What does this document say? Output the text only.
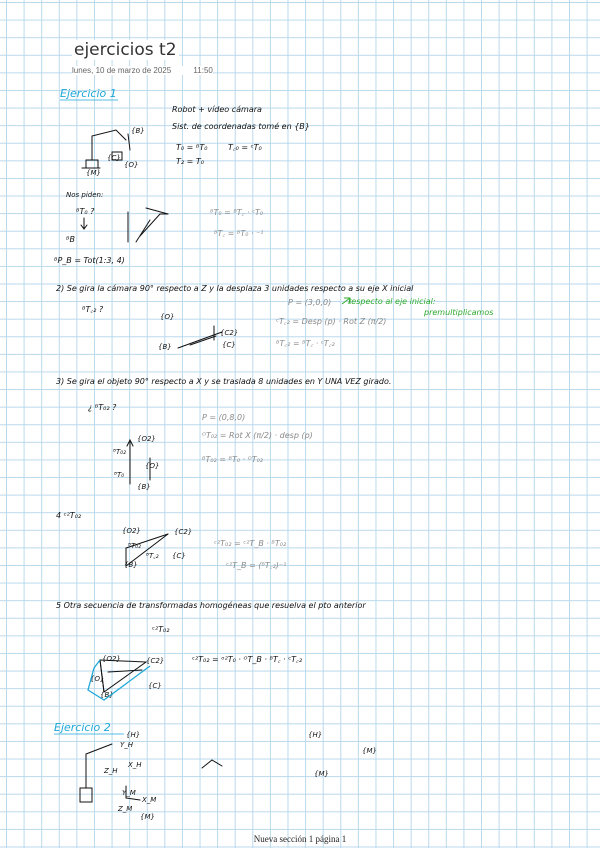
ejercicios t2
lunes, 10 de marzo de 2025	11:50
Ejercicio 1
Robot + vídeo cámara
Sist. de coordenadas tomé en {B}
T₀ = ᴮT₀	T꜀₀ = ᶜT₀
T₂ = T₀
{B}
{C}
{O}
{M}
Nos piden:
ᴮT₀ ?
ᴮB
ᴮT₀ = ᴮT꜀ · ᶜT₀
ᴮT꜀ = ᴮT₀ · ⁻¹
ᴮP_B = Tot(1:3, 4)
2) Se gira la cámara 90° respecto a Z y la desplaza 3 unidades respecto a su eje X inicial
ᴮT꜀₂ ?
P = (3,0,0)
ᶜT꜀₂ = Desp (p) · Rot Z (π/2)
ᴮT꜀₂ = ᴮT꜀ · ᶜT꜀₂
respecto al eje inicial:
premultiplicamos
{O}
{C2}
{B}	{C}
3) Se gira el objeto 90° respecto a X y se traslada 8 unidades en Y UNA VEZ girado.
¿ ᴮT₀₂ ?
P = (0,8,0)
ᴼT₀₂ = Rot X (π/2) · desp (p)
ᴮT₀₂ = ᴮT₀ · ᴼT₀₂
{O2}
ᴮT₀₂
ᴮT₀
{O}
{B}
4 ᶜ²T₀₂
ᶜ²T₀₂ = ᶜ²T_B · ᴮT₀₂
ᶜ²T_B = (ᴮT꜀₂)⁻¹
{O2}	{C2}
{C}
{B}
ᴮT₀₂
ᴮT꜀₂
5 Otra secuencia de transformadas homogéneas que resuelva el pto anterior
ᶜ²T₀₂
ᶜ²T₀₂ = ᵒ²T₀ · ᴼT_B · ᴮT꜀ · ᶜT꜀₂
{O2}	{C2}
{O}
{C}
{B}
Ejercicio 2
{H}
Y_H
X_H
Z_H
Y_M
X_M
Z_M
{M}
{H}
{M}
{M}
Nueva sección 1 página 1
